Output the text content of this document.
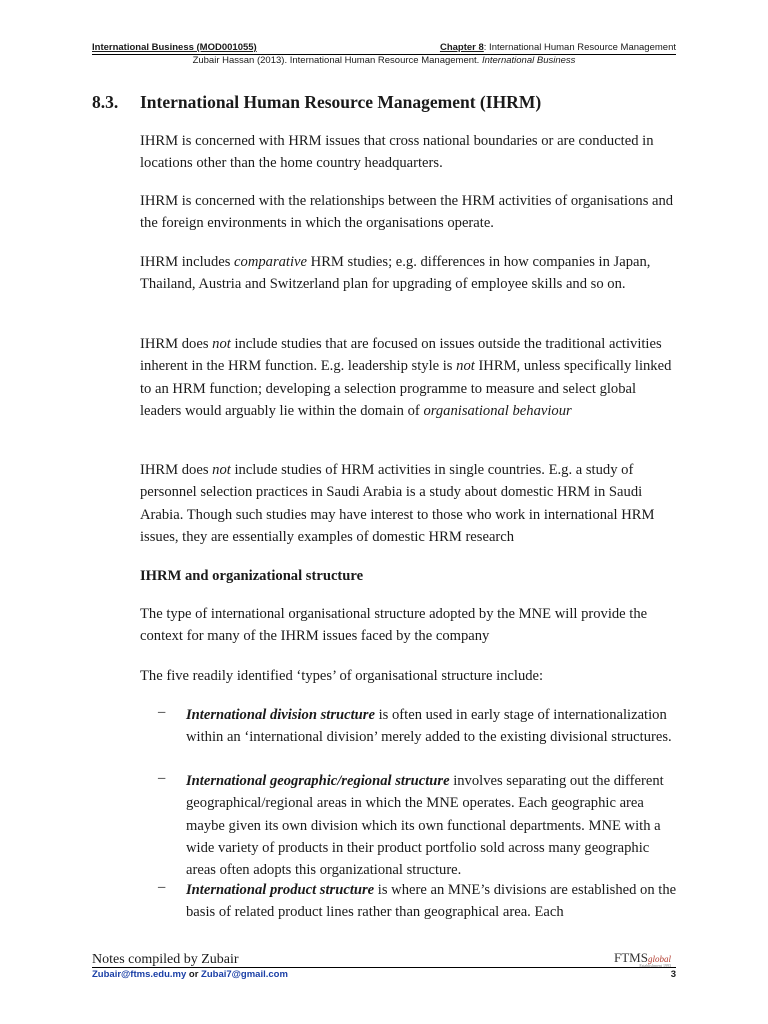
International Business (MOD001055)	Chapter 8: International Human Resource Management
Zubair Hassan (2013). International Human Resource Management. International Business
8.3. International Human Resource Management (IHRM)

IHRM is concerned with HRM issues that cross national boundaries or are conducted in locations other than the home country headquarters.

IHRM is concerned with the relationships between the HRM activities of organisations and the foreign environments in which the organisations operate.

IHRM includes comparative HRM studies; e.g. differences in how companies in Japan, Thailand, Austria and Switzerland plan for upgrading of employee skills and so on.

IHRM does not include studies that are focused on issues outside the traditional activities inherent in the HRM function. E.g. leadership style is not IHRM, unless specifically linked to an HRM function; developing a selection programme to measure and select global leaders would arguably lie within the domain of organisational behaviour

IHRM does not include studies of HRM activities in single countries. E.g. a study of personnel selection practices in Saudi Arabia is a study about domestic HRM in Saudi Arabia. Though such studies may have interest to those who work in international HRM issues, they are essentially examples of domestic HRM research

IHRM and organizational structure

The type of international organisational structure adopted by the MNE will provide the context for many of the IHRM issues faced by the company

The five readily identified ‘types’ of organisational structure include:

– International division structure is often used in early stage of internationalization within an ‘international division’ merely added to the existing divisional structures.
– International geographic/regional structure involves separating out the different geographical/regional areas in which the MNE operates. Each geographic area maybe given its own division which its own functional departments. MNE with a wide variety of products in their product portfolio sold across many geographic areas often adopts this organizational structure.
– International product structure is where an MNE’s divisions are established on the basis of related product lines rather than geographical area. Each
Notes compiled by Zubair	FTMSglobal
Establishment 1993
Zubair@ftms.edu.my or Zubai7@gmail.com	3
